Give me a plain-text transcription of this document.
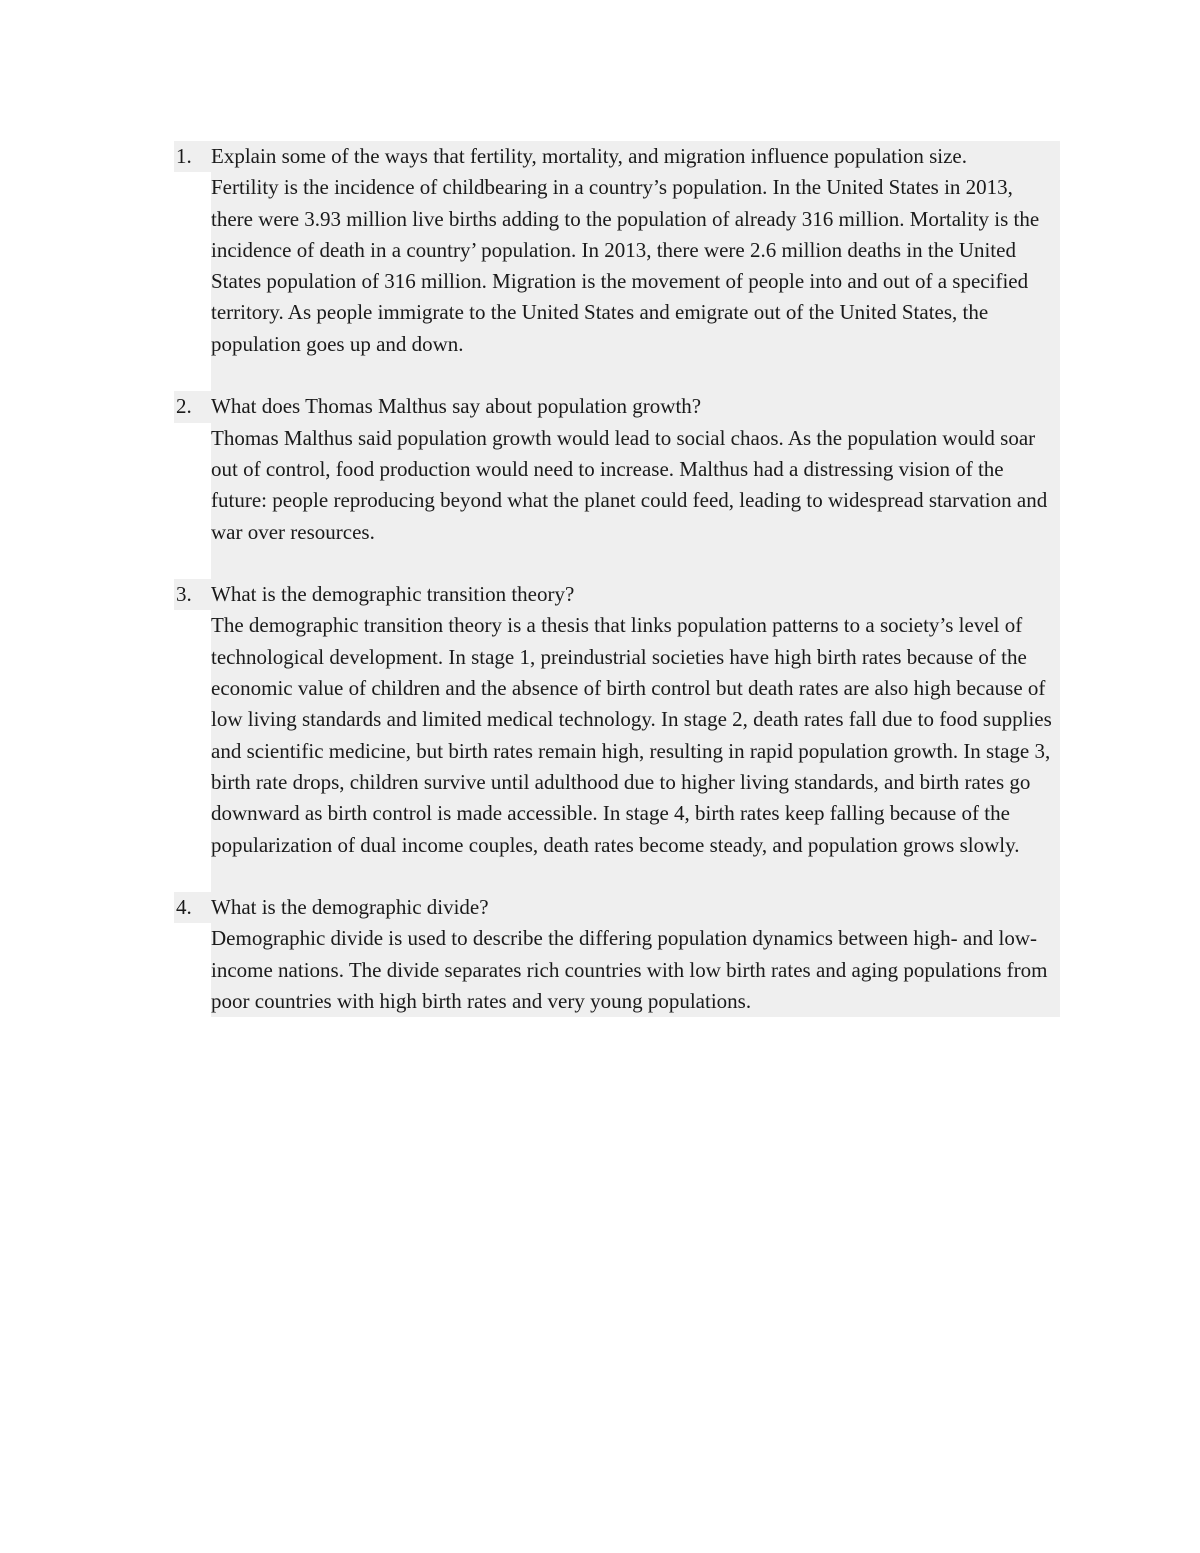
1. Explain some of the ways that fertility, mortality, and migration influence population size.
Fertility is the incidence of childbearing in a country’s population. In the United States in 2013, there were 3.93 million live births adding to the population of already 316 million. Mortality is the incidence of death in a country’ population. In 2013, there were 2.6 million deaths in the United States population of 316 million. Migration is the movement of people into and out of a specified territory. As people immigrate to the United States and emigrate out of the United States, the population goes up and down.
2. What does Thomas Malthus say about population growth?
Thomas Malthus said population growth would lead to social chaos. As the population would soar out of control, food production would need to increase. Malthus had a distressing vision of the future: people reproducing beyond what the planet could feed, leading to widespread starvation and war over resources.
3. What is the demographic transition theory?
The demographic transition theory is a thesis that links population patterns to a society’s level of technological development. In stage 1, preindustrial societies have high birth rates because of the economic value of children and the absence of birth control but death rates are also high because of low living standards and limited medical technology. In stage 2, death rates fall due to food supplies and scientific medicine, but birth rates remain high, resulting in rapid population growth. In stage 3, birth rate drops, children survive until adulthood due to higher living standards, and birth rates go downward as birth control is made accessible. In stage 4, birth rates keep falling because of the popularization of dual income couples, death rates become steady, and population grows slowly.
4. What is the demographic divide?
Demographic divide is used to describe the differing population dynamics between high- and low-income nations. The divide separates rich countries with low birth rates and aging populations from poor countries with high birth rates and very young populations.
